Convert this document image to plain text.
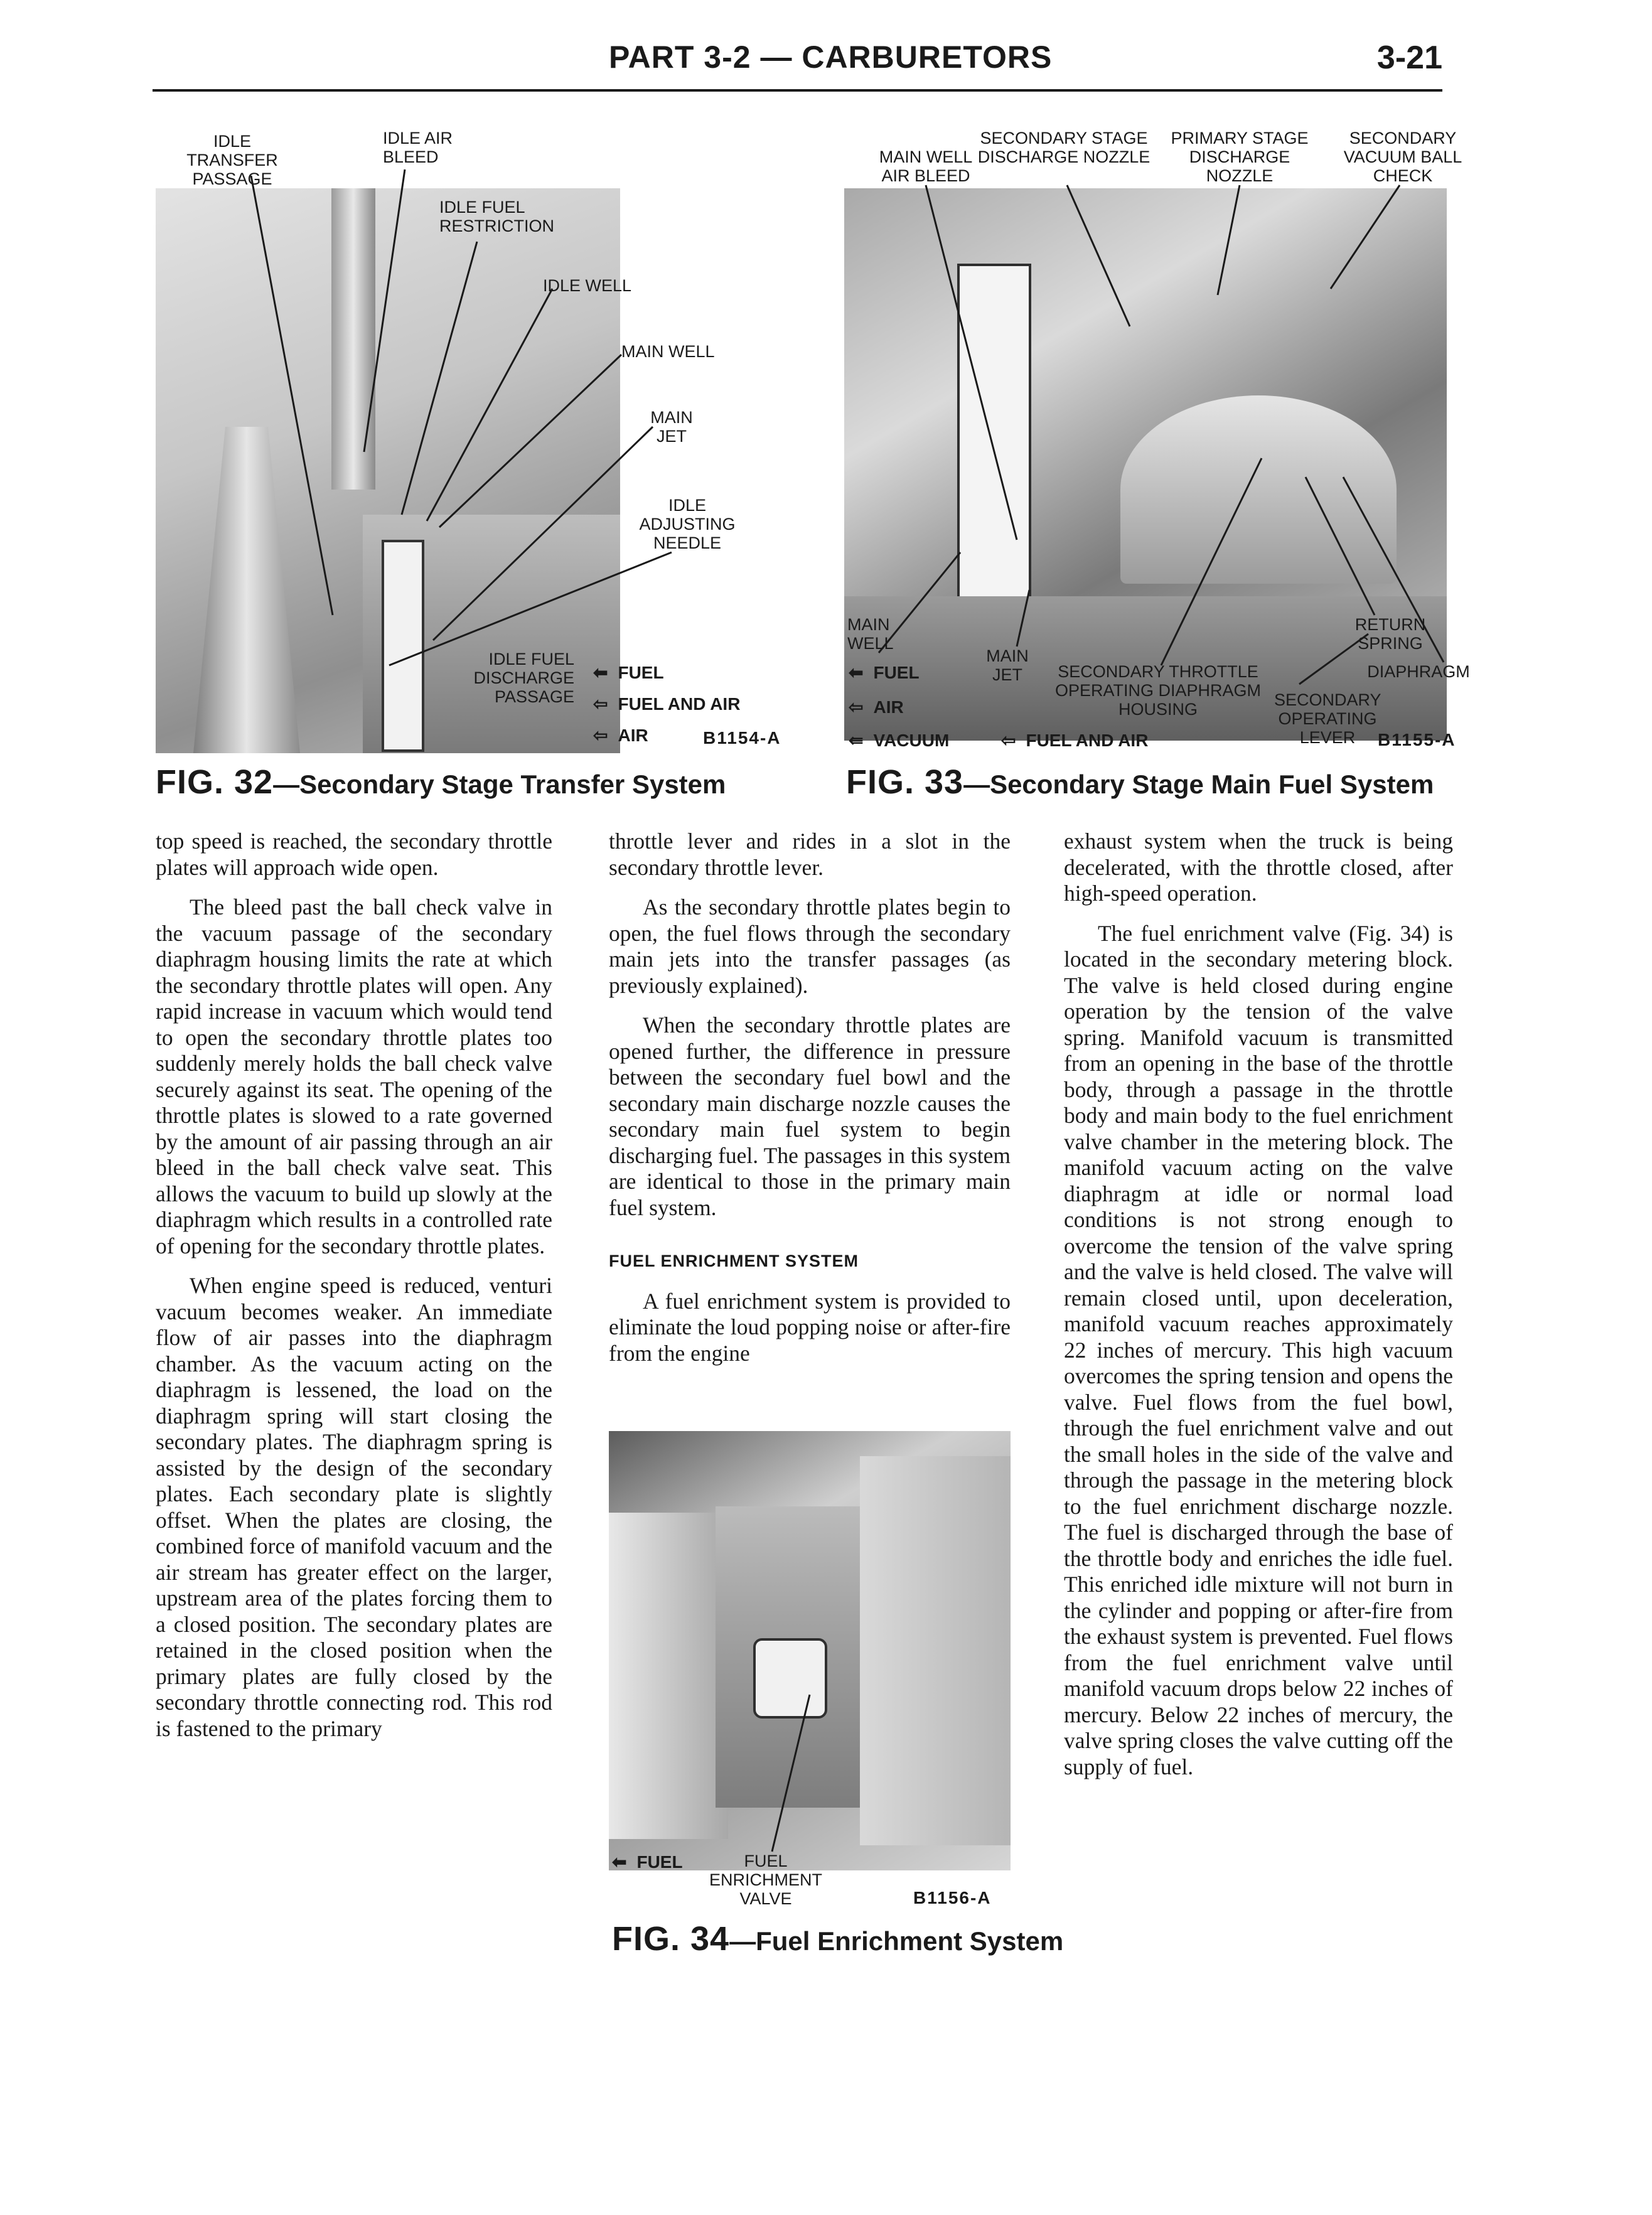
PART 3-2 — CARBURETORS	3-21
IDLE TRANSFER PASSAGE
IDLE AIR BLEED
IDLE FUEL RESTRICTION
IDLE WELL
MAIN WELL
MAIN JET
IDLE ADJUSTING NEEDLE
IDLE FUEL DISCHARGE PASSAGE
⬅ FUEL
⇦ FUEL AND AIR
⇦ AIR	B1154-A
FIG. 32—Secondary Stage Transfer System
MAIN WELL AIR BLEED
SECONDARY STAGE DISCHARGE NOZZLE
PRIMARY STAGE DISCHARGE NOZZLE
SECONDARY VACUUM BALL CHECK
MAIN WELL
MAIN JET	SECONDARY THROTTLE OPERATING DIAPHRAGM HOUSING
RETURN SPRING
DIAPHRAGM
SECONDARY OPERATING LEVER
⬅ FUEL
⇦ AIR
⇚ VACUUM	⇦ FUEL AND AIR	B1155-A
FIG. 33—Secondary Stage Main Fuel System
⬅ FUEL	FUEL ENRICHMENT VALVE	B1156-A
FIG. 34—Fuel Enrichment System

top speed is reached, the secondary throttle plates will approach wide open.

The bleed past the ball check valve in the vacuum passage of the secondary diaphragm housing limits the rate at which the secondary throttle plates will open. Any rapid increase in vacuum which would tend to open the secondary throttle plates too suddenly merely holds the ball check valve securely against its seat. The opening of the throttle plates is slowed to a rate governed by the amount of air passing through an air bleed in the ball check valve seat. This allows the vacuum to build up slowly at the diaphragm which results in a controlled rate of opening for the secondary throttle plates.

When engine speed is reduced, venturi vacuum becomes weaker. An immediate flow of air passes into the diaphragm chamber. As the vacuum acting on the diaphragm is lessened, the load on the diaphragm spring will start closing the secondary plates. The diaphragm spring is assisted by the design of the secondary plates. Each secondary plate is slightly offset. When the plates are closing, the combined force of manifold vacuum and the air stream has greater effect on the larger, upstream area of the plates forcing them to a closed position. The secondary plates are retained in the closed position when the primary plates are fully closed by the secondary throttle connecting rod. This rod is fastened to the primary

throttle lever and rides in a slot in the secondary throttle lever.

As the secondary throttle plates begin to open, the fuel flows through the secondary main jets into the transfer passages (as previously explained).

When the secondary throttle plates are opened further, the difference in pressure between the secondary fuel bowl and the secondary main discharge nozzle causes the secondary main fuel system to begin discharging fuel. The passages in this system are identical to those in the primary main fuel system.

FUEL ENRICHMENT SYSTEM

A fuel enrichment system is provided to eliminate the loud popping noise or after-fire from the engine

exhaust system when the truck is being decelerated, with the throttle closed, after high-speed operation.

The fuel enrichment valve (Fig. 34) is located in the secondary metering block. The valve is held closed during engine operation by the tension of the valve spring. Manifold vacuum is transmitted from an opening in the base of the throttle body, through a passage in the throttle body and main body to the fuel enrichment valve chamber in the metering block. The manifold vacuum acting on the valve diaphragm at idle or normal load conditions is not strong enough to overcome the tension of the valve spring and the valve is held closed. The valve will remain closed until, upon deceleration, manifold vacuum reaches approximately 22 inches of mercury. This high vacuum overcomes the spring tension and opens the valve. Fuel flows from the fuel bowl, through the fuel enrichment valve and out the small holes in the side of the valve and through the passage in the metering block to the fuel enrichment discharge nozzle. The fuel is discharged through the base of the throttle body and enriches the idle fuel. This enriched idle mixture will not burn in the cylinder and popping or after-fire from the exhaust system is prevented. Fuel flows from the fuel enrichment valve until manifold vacuum drops below 22 inches of mercury. Below 22 inches of mercury, the valve spring closes the valve cutting off the supply of fuel.
